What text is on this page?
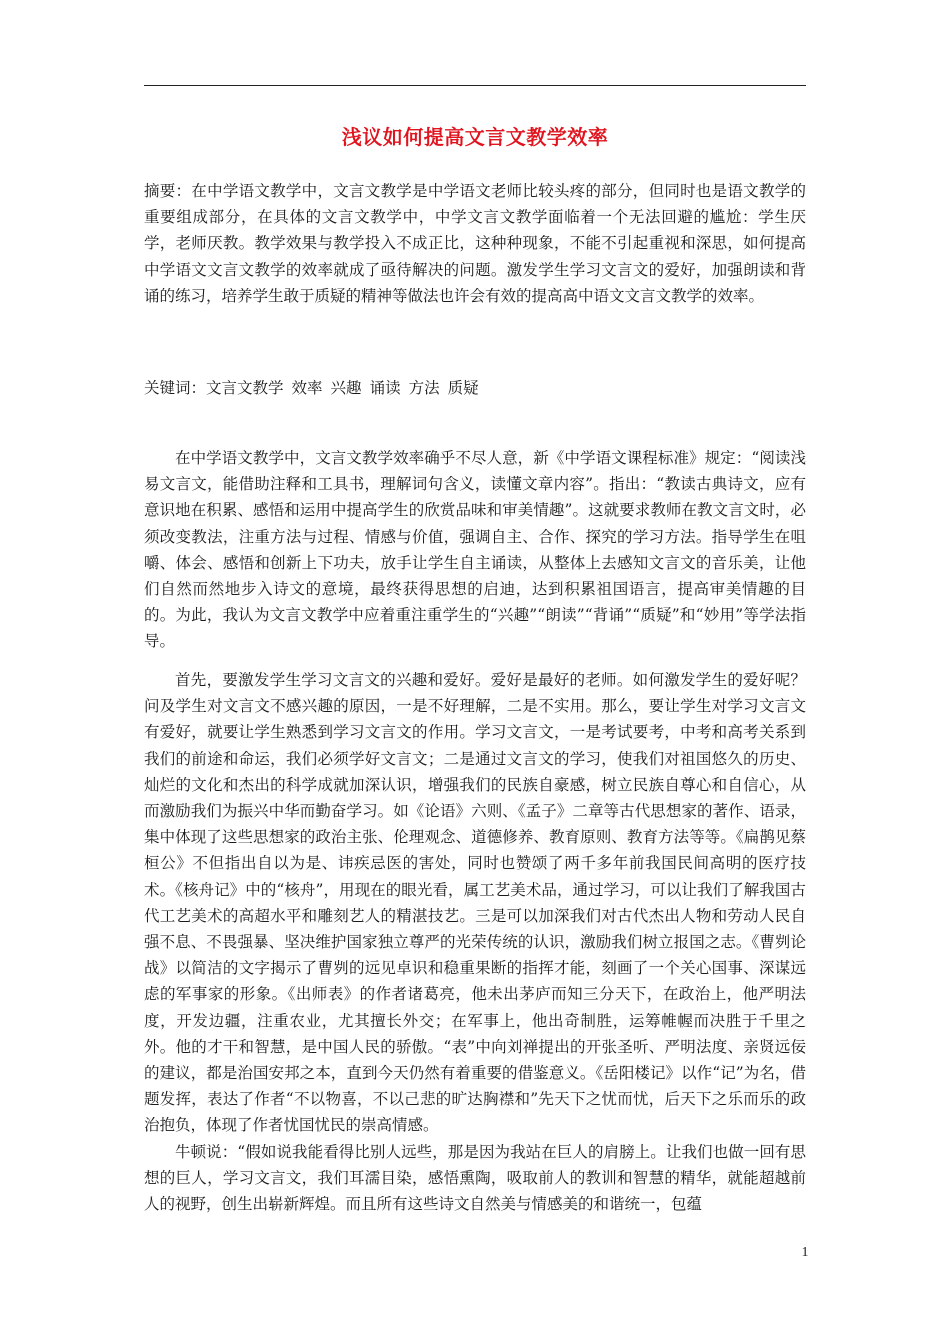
浅议如何提高文言文教学效率
摘要：在中学语文教学中，文言文教学是中学语文老师比较头疼的部分，但同时也是语文教学的重要组成部分，在具体的文言文教学中，中学文言文教学面临着一个无法回避的尴尬：学生厌学，老师厌教。教学效果与教学投入不成正比，这种种现象，不能不引起重视和深思，如何提高中学语文文言文教学的效率就成了亟待解决的问题。激发学生学习文言文的爱好，加强朗读和背诵的练习，培养学生敢于质疑的精神等做法也许会有效的提高高中语文文言文教学的效率。
关键词：文言文教学 效率 兴趣 诵读 方法 质疑
在中学语文教学中，文言文教学效率确乎不尽人意，新《中学语文课程标准》规定：“阅读浅易文言文，能借助注释和工具书，理解词句含义，读懂文章内容”。指出：“教读古典诗文，应有意识地在积累、感悟和运用中提高学生的欣赏品味和审美情趣”。这就要求教师在教文言文时，必须改变教法，注重方法与过程、情感与价值，强调自主、合作、探究的学习方法。指导学生在咀嚼、体会、感悟和创新上下功夫，放手让学生自主诵读，从整体上去感知文言文的音乐美，让他们自然而然地步入诗文的意境，最终获得思想的启迪，达到积累祖国语言，提高审美情趣的目的。为此，我认为文言文教学中应着重注重学生的“兴趣”“朗读”“背诵”“质疑”和“妙用”等学法指导。
首先，要激发学生学习文言文的兴趣和爱好。爱好是最好的老师。如何激发学生的爱好呢？问及学生对文言文不感兴趣的原因，一是不好理解，二是不实用。那么，要让学生对学习文言文有爱好，就要让学生熟悉到学习文言文的作用。学习文言文，一是考试要考，中考和高考关系到我们的前途和命运，我们必须学好文言文；二是通过文言文的学习，使我们对祖国悠久的历史、灿烂的文化和杰出的科学成就加深认识，增强我们的民族自豪感，树立民族自尊心和自信心，从而激励我们为振兴中华而勤奋学习。如《论语》六则、《孟子》二章等古代思想家的著作、语录，集中体现了这些思想家的政治主张、伦理观念、道德修养、教育原则、教育方法等等。《扁鹊见蔡桓公》不但指出自以为是、讳疾忌医的害处，同时也赞颂了两千多年前我国民间高明的医疗技术。《核舟记》中的“核舟”，用现在的眼光看，属工艺美术品，通过学习，可以让我们了解我国古代工艺美术的高超水平和雕刻艺人的精湛技艺。三是可以加深我们对古代杰出人物和劳动人民自强不息、不畏强暴、坚决维护国家独立尊严的光荣传统的认识，激励我们树立报国之志。《曹刿论战》以简洁的文字揭示了曹刿的远见卓识和稳重果断的指挥才能，刻画了一个关心国事、深谋远虑的军事家的形象。《出师表》的作者诸葛亮，他未出茅庐而知三分天下，在政治上，他严明法度，开发边疆，注重农业，尤其擅长外交；在军事上，他出奇制胜，运筹帷幄而决胜于千里之外。他的才干和智慧，是中国人民的骄傲。“表”中向刘禅提出的开张圣听、严明法度、亲贤远佞的建议，都是治国安邦之本，直到今天仍然有着重要的借鉴意义。《岳阳楼记》以作“记”为名，借题发挥，表达了作者“不以物喜，不以己悲的旷达胸襟和”先天下之忧而忧，后天下之乐而乐的政治抱负，体现了作者忧国忧民的崇高情感。
牛顿说：“假如说我能看得比别人远些，那是因为我站在巨人的肩膀上。让我们也做一回有思想的巨人，学习文言文，我们耳濡目染，感悟熏陶，吸取前人的教训和智慧的精华，就能超越前人的视野，创生出崭新辉煌。而且所有这些诗文自然美与情感美的和谐统一，包蕴
1
